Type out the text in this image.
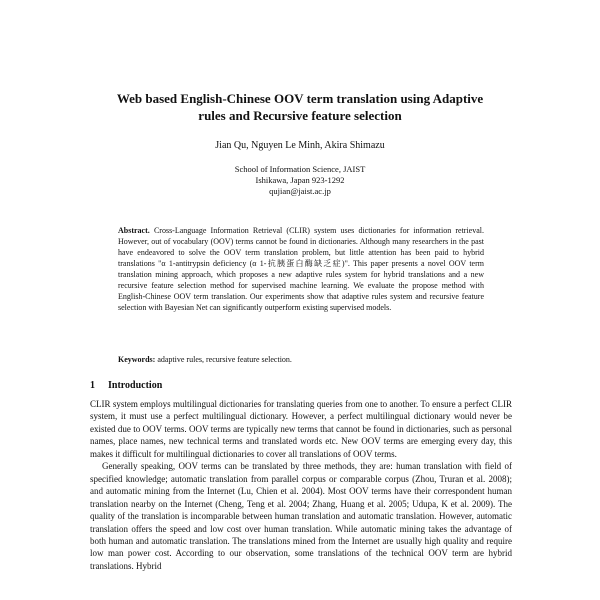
Web based English-Chinese OOV term translation using Adaptive
rules and Recursive feature selection
Jian Qu, Nguyen Le Minh, Akira Shimazu
School of Information Science, JAIST
Ishikawa, Japan 923-1292
qujian@jaist.ac.jp

Abstract. Cross-Language Information Retrieval (CLIR) system uses dictionaries for information retrieval. However, out of vocabulary (OOV) terms cannot be found in dictionaries. Although many researchers in the past have endeavored to solve the OOV term translation problem, but little attention has been paid to hybrid translations "α 1-antitrypsin deficiency (α 1-抗胰蛋白酶缺乏症)". This paper presents a novel OOV term translation mining approach, which proposes a new adaptive rules system for hybrid translations and a new recursive feature selection method for supervised machine learning. We evaluate the propose method with English-Chinese OOV term translation. Our experiments show that adaptive rules system and recursive feature selection with Bayesian Net can significantly outperform existing supervised models.

Keywords: adaptive rules, recursive feature selection.

1 Introduction

CLIR system employs multilingual dictionaries for translating queries from one to another. To ensure a perfect CLIR system, it must use a perfect multilingual dictionary. However, a perfect multilingual dictionary would never be existed due to OOV terms. OOV terms are typically new terms that cannot be found in dictionaries, such as personal names, place names, new technical terms and translated words etc. New OOV terms are emerging every day, this makes it difficult for multilingual dictionaries to cover all translations of OOV terms.

Generally speaking, OOV terms can be translated by three methods, they are: human translation with field of specified knowledge; automatic translation from parallel corpus or comparable corpus (Zhou, Truran et al. 2008); and automatic mining from the Internet (Lu, Chien et al. 2004). Most OOV terms have their correspondent human translation nearby on the Internet (Cheng, Teng et al. 2004; Zhang, Huang et al. 2005; Udupa, K et al. 2009). The quality of the translation is incomparable between human translation and automatic translation. However, automatic translation offers the speed and low cost over human translation. While automatic mining takes the advantage of both human and automatic translation. The translations mined from the Internet are usually high quality and require low man power cost. According to our observation, some translations of the technical OOV term are hybrid translations. Hybrid
